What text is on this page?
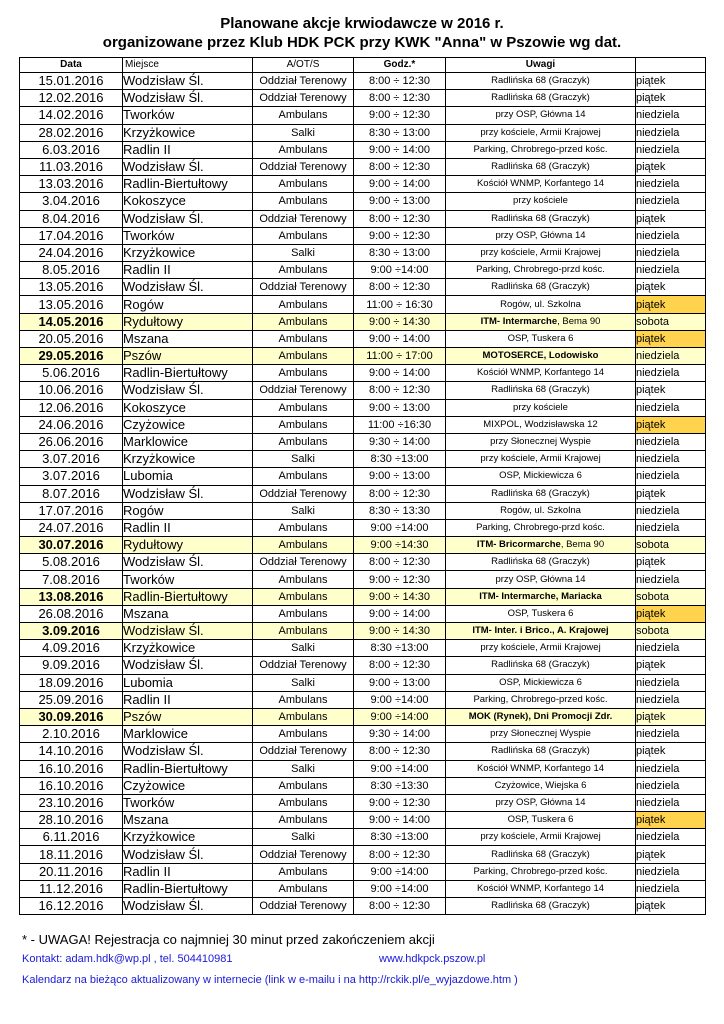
Planowane akcje krwiodawcze w 2016 r.
organizowane przez Klub HDK PCK przy KWK "Anna" w Pszowie wg dat.
Data	Miejsce	A/OT/S	Godz.*	Uwagi	
15.01.2016	Wodzisław Śl.	Oddział Terenowy	8:00 ÷ 12:30	Radlińska 68 (Graczyk)	piątek
12.02.2016	Wodzisław Śl.	Oddział Terenowy	8:00 ÷ 12:30	Radlińska 68 (Graczyk)	piątek
14.02.2016	Tworków	Ambulans	9:00 ÷ 12:30	przy OSP, Główna 14	niedziela
28.02.2016	Krzyżkowice	Salki	8:30 ÷ 13:00	przy kościele, Armii Krajowej	niedziela
6.03.2016	Radlin II	Ambulans	9:00 ÷ 14:00	Parking, Chrobrego-przed kośc.	niedziela
11.03.2016	Wodzisław Śl.	Oddział Terenowy	8:00 ÷ 12:30	Radlińska 68 (Graczyk)	piątek
13.03.2016	Radlin-Biertułtowy	Ambulans	9:00 ÷ 14:00	Kościół WNMP, Korfantego 14	niedziela
3.04.2016	Kokoszyce	Ambulans	9:00 ÷ 13:00	przy kościele	niedziela
8.04.2016	Wodzisław Śl.	Oddział Terenowy	8:00 ÷ 12:30	Radlińska 68 (Graczyk)	piątek
17.04.2016	Tworków	Ambulans	9:00 ÷ 12:30	przy OSP, Główna 14	niedziela
24.04.2016	Krzyżkowice	Salki	8:30 ÷ 13:00	przy kościele, Armii Krajowej	niedziela
8.05.2016	Radlin II	Ambulans	9:00 ÷14:00	Parking, Chrobrego-przd kośc.	niedziela
13.05.2016	Wodzisław Śl.	Oddział Terenowy	8:00 ÷ 12:30	Radlińska 68 (Graczyk)	piątek
13.05.2016	Rogów	Ambulans	11:00 ÷ 16:30	Rogów, ul. Szkolna	piątek
14.05.2016	Rydułtowy	Ambulans	9:00 ÷ 14:30	ITM- Intermarche, Bema 90	sobota
20.05.2016	Mszana	Ambulans	9:00 ÷ 14:00	OSP, Tuskera 6	piątek
29.05.2016	Pszów	Ambulans	11:00 ÷ 17:00	MOTOSERCE, Lodowisko	niedziela
5.06.2016	Radlin-Biertułtowy	Ambulans	9:00 ÷ 14:00	Kościół WNMP, Korfantego 14	niedziela
10.06.2016	Wodzisław Śl.	Oddział Terenowy	8:00 ÷ 12:30	Radlińska 68 (Graczyk)	piątek
12.06.2016	Kokoszyce	Ambulans	9:00 ÷ 13:00	przy kościele	niedziela
24.06.2016	Czyżowice	Ambulans	11:00 ÷16:30	MIXPOL, Wodzisławska 12	piątek
26.06.2016	Marklowice	Ambulans	9:30 ÷ 14:00	przy Słonecznej Wyspie	niedziela
3.07.2016	Krzyżkowice	Salki	8:30 ÷13:00	przy kościele, Armii Krajowej	niedziela
3.07.2016	Lubomia	Ambulans	9:00 ÷ 13:00	OSP, Mickiewicza 6	niedziela
8.07.2016	Wodzisław Śl.	Oddział Terenowy	8:00 ÷ 12:30	Radlińska 68 (Graczyk)	piątek
17.07.2016	Rogów	Salki	8:30 ÷ 13:30	Rogów, ul. Szkolna	niedziela
24.07.2016	Radlin II	Ambulans	9:00 ÷14:00	Parking, Chrobrego-przd kośc.	niedziela
30.07.2016	Rydułtowy	Ambulans	9:00 ÷14:30	ITM- Bricormarche, Bema 90	sobota
5.08.2016	Wodzisław Śl.	Oddział Terenowy	8:00 ÷ 12:30	Radlińska 68 (Graczyk)	piątek
7.08.2016	Tworków	Ambulans	9:00 ÷ 12:30	przy OSP, Główna 14	niedziela
13.08.2016	Radlin-Biertułtowy	Ambulans	9:00 ÷ 14:30	ITM- Intermarche, Mariacka	sobota
26.08.2016	Mszana	Ambulans	9:00 ÷ 14:00	OSP, Tuskera 6	piątek
3.09.2016	Wodzisław Śl.	Ambulans	9:00 ÷ 14:30	ITM- Inter. i Brico., A. Krajowej	sobota
4.09.2016	Krzyżkowice	Salki	8:30 ÷13:00	przy kościele, Armii Krajowej	niedziela
9.09.2016	Wodzisław Śl.	Oddział Terenowy	8:00 ÷ 12:30	Radlińska 68 (Graczyk)	piątek
18.09.2016	Lubomia	Salki	9:00 ÷ 13:00	OSP, Mickiewicza 6	niedziela
25.09.2016	Radlin II	Ambulans	9:00 ÷14:00	Parking, Chrobrego-przed kośc.	niedziela
30.09.2016	Pszów	Ambulans	9:00 ÷14:00	MOK (Rynek), Dni Promocji Zdr.	piątek
2.10.2016	Marklowice	Ambulans	9:30 ÷ 14:00	przy Słonecznej Wyspie	niedziela
14.10.2016	Wodzisław Śl.	Oddział Terenowy	8:00 ÷ 12:30	Radlińska 68 (Graczyk)	piątek
16.10.2016	Radlin-Biertułtowy	Salki	9:00 ÷14:00	Kościół WNMP, Korfantego 14	niedziela
16.10.2016	Czyżowice	Ambulans	8:30 ÷13:30	Czyżowice, Wiejska 6	niedziela
23.10.2016	Tworków	Ambulans	9:00 ÷ 12:30	przy OSP, Główna 14	niedziela
28.10.2016	Mszana	Ambulans	9:00 ÷ 14:00	OSP, Tuskera 6	piątek
6.11.2016	Krzyżkowice	Salki	8:30 ÷13:00	przy kościele, Armii Krajowej	niedziela
18.11.2016	Wodzisław Śl.	Oddział Terenowy	8:00 ÷ 12:30	Radlińska 68 (Graczyk)	piątek
20.11.2016	Radlin II	Ambulans	9:00 ÷14:00	Parking, Chrobrego-przed kośc.	niedziela
11.12.2016	Radlin-Biertułtowy	Ambulans	9:00 ÷14:00	Kościół WNMP, Korfantego 14	niedziela
16.12.2016	Wodzisław Śl.	Oddział Terenowy	8:00 ÷ 12:30	Radlińska 68 (Graczyk)	piątek
* - UWAGA! Rejestracja co najmniej 30 minut przed zakończeniem akcji
Kontakt: adam.hdk@wp.pl , tel. 504410981	www.hdkpck.pszow.pl
Kalendarz na bieżąco aktualizowany w internecie (link w e-mailu i na http://rckik.pl/e_wyjazdowe.htm )
